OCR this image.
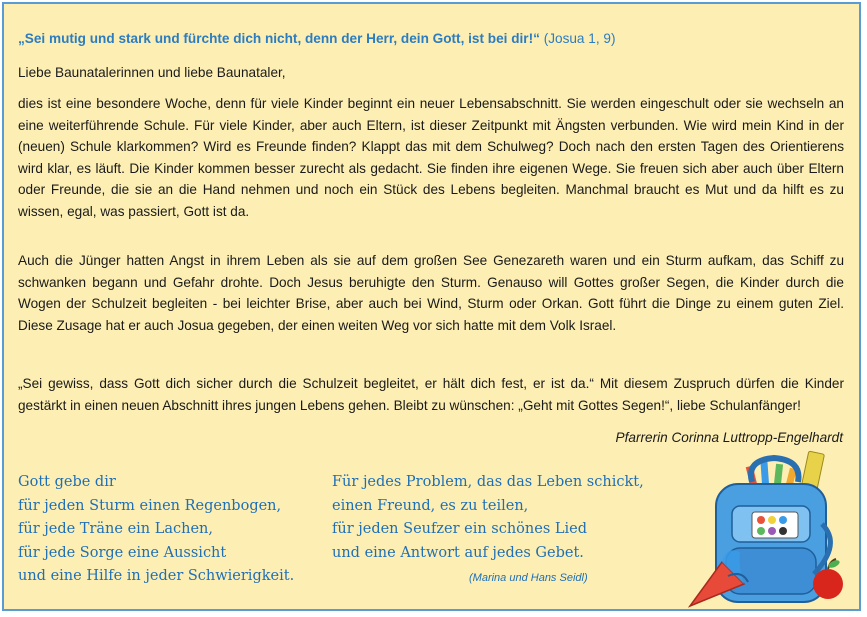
„Sei mutig und stark und fürchte dich nicht, denn der Herr, dein Gott, ist bei dir!“ (Josua 1, 9)

Liebe Baunatalerinnen und liebe Baunataler,

dies ist eine besondere Woche, denn für viele Kinder beginnt ein neuer Lebensabschnitt. Sie werden eingeschult oder sie wechseln an eine weiterführende Schule. Für viele Kinder, aber auch Eltern, ist dieser Zeitpunkt mit Ängsten verbunden. Wie wird mein Kind in der (neuen) Schule klarkommen? Wird es Freunde finden? Klappt das mit dem Schulweg? Doch nach den ersten Tagen des Orientierens wird klar, es läuft. Die Kinder kommen besser zurecht als gedacht. Sie finden ihre eigenen Wege. Sie freuen sich aber auch über Eltern oder Freunde, die sie an die Hand nehmen und noch ein Stück des Lebens begleiten. Manchmal braucht es Mut und da hilft es zu wissen, egal, was passiert, Gott ist da.

Auch die Jünger hatten Angst in ihrem Leben als sie auf dem großen See Genezareth waren und ein Sturm aufkam, das Schiff zu schwanken begann und Gefahr drohte. Doch Jesus beruhigte den Sturm. Genauso will Gottes großer Segen, die Kinder durch die Wogen der Schulzeit begleiten - bei leichter Brise, aber auch bei Wind, Sturm oder Orkan. Gott führt die Dinge zu einem guten Ziel. Diese Zusage hat er auch Josua gegeben, der einen weiten Weg vor sich hatte mit dem Volk Israel.

„Sei gewiss, dass Gott dich sicher durch die Schulzeit begleitet, er hält dich fest, er ist da.“ Mit diesem Zuspruch dürfen die Kinder gestärkt in einen neuen Abschnitt ihres jungen Lebens gehen. Bleibt zu wünschen: „Geht mit Gottes Segen!“, liebe Schulanfänger!

Pfarrerin Corinna Luttropp-Engelhardt
Gott gebe dir
für jeden Sturm einen Regenbogen,
für jede Träne ein Lachen,
für jede Sorge eine Aussicht
und eine Hilfe in jeder Schwierigkeit.
Für jedes Problem, das das Leben schickt,
einen Freund, es zu teilen,
für jeden Seufzer ein schönes Lied
und eine Antwort auf jedes Gebet.
(Marina und Hans Seidl)
